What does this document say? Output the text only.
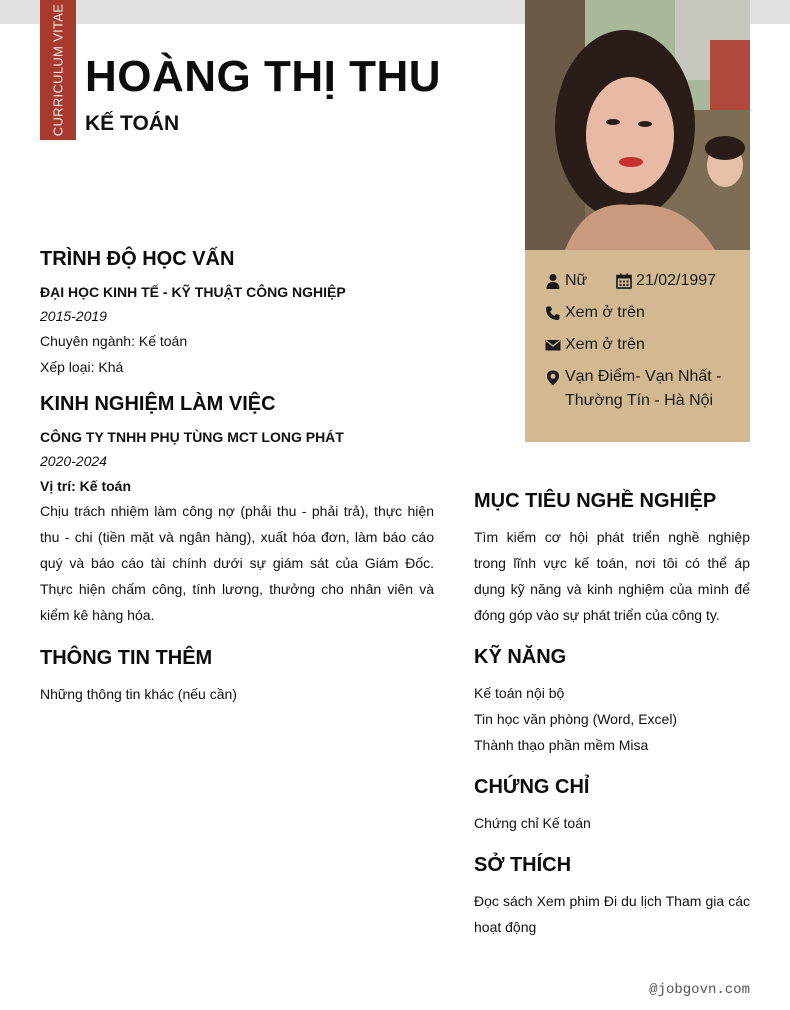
CURRICULUM VITAE HOÀNG THỊ THU
KẾ TOÁN
Nữ	21/02/1997
Xem ở trên
Xem ở trên
Vạn Điểm- Vạn Nhất -
Thường Tín - Hà Nội
TRÌNH ĐỘ HỌC VẤN
ĐẠI HỌC KINH TẾ - KỸ THUẬT CÔNG NGHIỆP
2015-2019
Chuyên ngành: Kế toán
Xếp loại: Khá
KINH NGHIỆM LÀM VIỆC
CÔNG TY TNHH PHỤ TÙNG MCT LONG PHÁT
2020-2024
Vị trí: Kế toán

Chịu trách nhiệm làm công nợ (phải thu - phải trả), thực hiện thu - chi (tiền mặt và ngân hàng), xuất hóa đơn, làm báo cáo quý và báo cáo tài chính dưới sự giám sát của Giám Đốc. Thực hiện chấm công, tính lương, thưởng cho nhân viên và kiểm kê hàng hóa.

THÔNG TIN THÊM
Những thông tin khác (nếu cần)
MỤC TIÊU NGHỀ NGHIỆP

Tìm kiếm cơ hội phát triển nghề nghiệp trong lĩnh vực kế toán, nơi tôi có thể áp dụng kỹ năng và kinh nghiệm của mình để đóng góp vào sự phát triển của công ty.

KỸ NĂNG
Kế toán nội bộ
Tin học văn phòng (Word, Excel)
Thành thạo phần mềm Misa
CHỨNG CHỈ
Chứng chỉ Kế toán
SỞ THÍCH

Đọc sách Xem phim Đi du lịch Tham gia các hoạt động

@jobgovn.com
